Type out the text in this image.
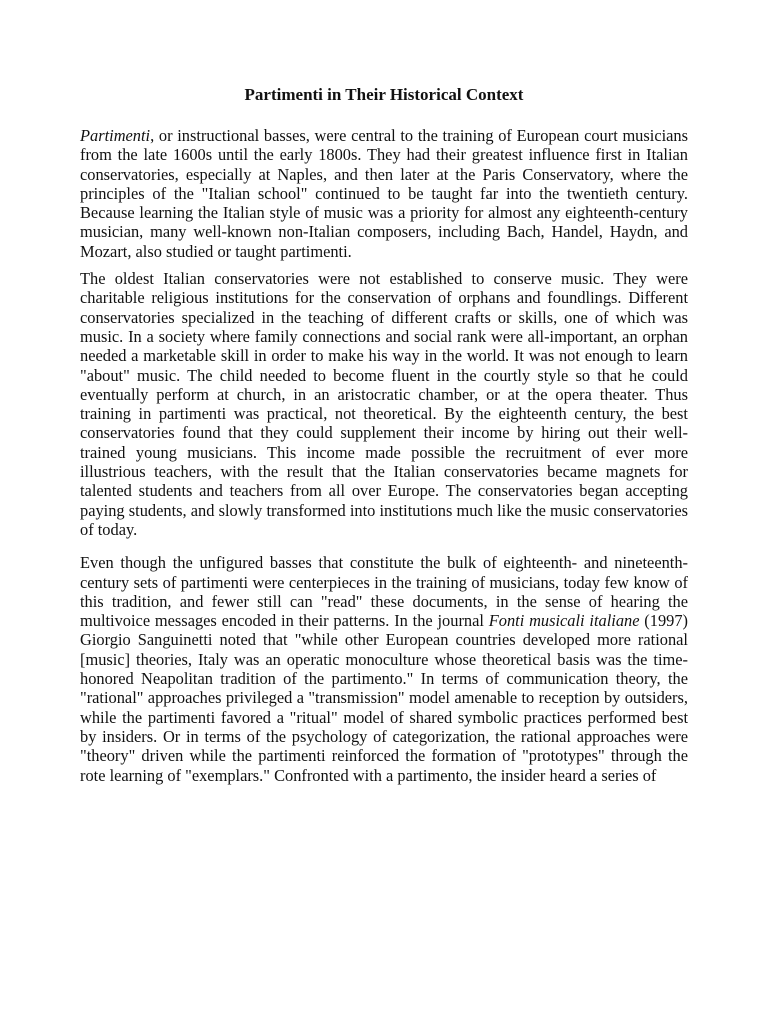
Partimenti in Their Historical Context

Partimenti, or instructional basses, were central to the training of European court musicians from the late 1600s until the early 1800s. They had their greatest influence first in Italian conservatories, especially at Naples, and then later at the Paris Conservatory, where the principles of the "Italian school" continued to be taught far into the twentieth century. Because learning the Italian style of music was a priority for almost any eighteenth-century musician, many well-known non-Italian composers, including Bach, Handel, Haydn, and Mozart, also studied or taught partimenti.

The oldest Italian conservatories were not established to conserve music. They were charitable religious institutions for the conservation of orphans and foundlings. Different conservatories specialized in the teaching of different crafts or skills, one of which was music. In a society where family connections and social rank were all-important, an orphan needed a marketable skill in order to make his way in the world. It was not enough to learn "about" music. The child needed to become fluent in the courtly style so that he could eventually perform at church, in an aristocratic chamber, or at the opera theater. Thus training in partimenti was practical, not theoretical. By the eighteenth century, the best conservatories found that they could supplement their income by hiring out their well-trained young musicians. This income made possible the recruitment of ever more illustrious teachers, with the result that the Italian conservatories became magnets for talented students and teachers from all over Europe. The conservatories began accepting paying students, and slowly transformed into institutions much like the music conservatories of today.

Even though the unfigured basses that constitute the bulk of eighteenth- and nineteenth-century sets of partimenti were centerpieces in the training of musicians, today few know of this tradition, and fewer still can "read" these documents, in the sense of hearing the multivoice messages encoded in their patterns. In the journal Fonti musicali italiane (1997) Giorgio Sanguinetti noted that "while other European countries developed more rational [music] theories, Italy was an operatic monoculture whose theoretical basis was the time-honored Neapolitan tradition of the partimento." In terms of communication theory, the "rational" approaches privileged a "transmission" model amenable to reception by outsiders, while the partimenti favored a "ritual" model of shared symbolic practices performed best by insiders. Or in terms of the psychology of categorization, the rational approaches were "theory" driven while the partimenti reinforced the formation of "prototypes" through the rote learning of "exemplars." Confronted with a partimento, the insider heard a series of
